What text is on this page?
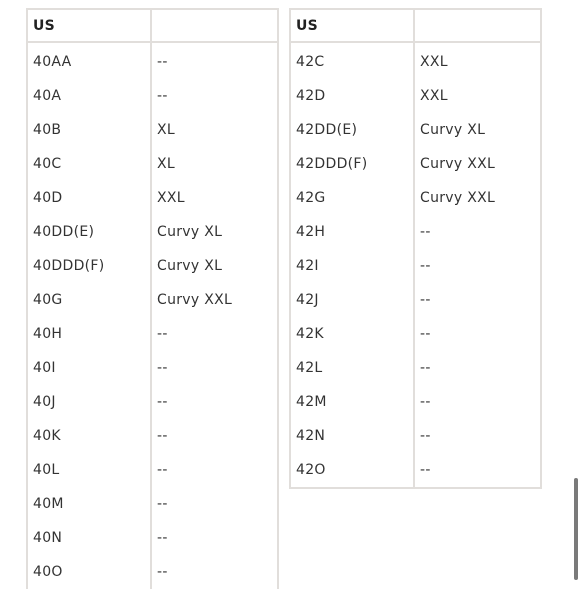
US	
40AA	--
40A	--
40B	XL
40C	XL
40D	XXL
40DD(E)	Curvy XL
40DDD(F)	Curvy XL
40G	Curvy XXL
40H	--
40I	--
40J	--
40K	--
40L	--
40M	--
40N	--
40O	--
US	
42C	XXL
42D	XXL
42DD(E)	Curvy XL
42DDD(F)	Curvy XXL
42G	Curvy XXL
42H	--
42I	--
42J	--
42K	--
42L	--
42M	--
42N	--
42O	--
